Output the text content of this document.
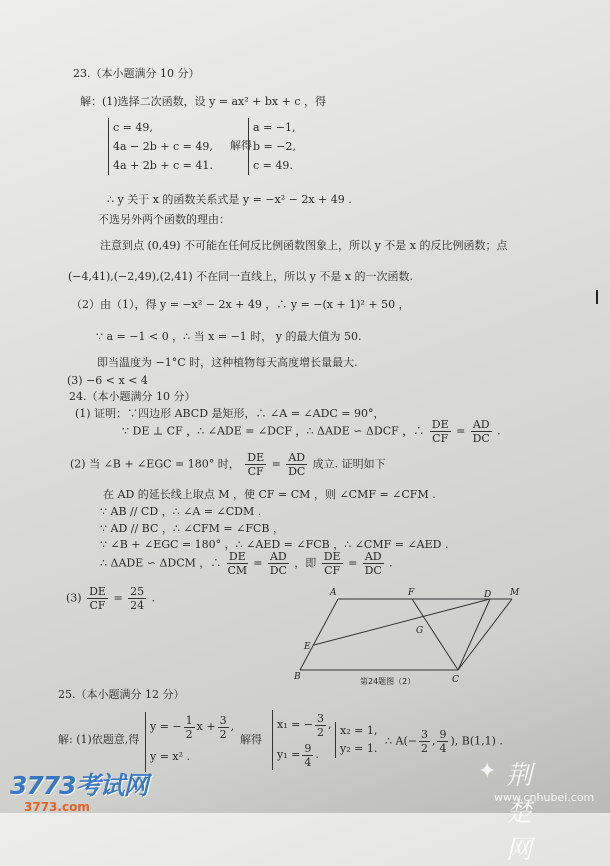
23.（本小题满分 10 分）
解：(1)选择二次函数，设 y = ax² + bx + c ，得
∴ y 关于 x 的函数关系式是 y = −x² − 2x + 49 .
不选另外两个函数的理由：
注意到点 (0,49) 不可能在任何反比例函数图象上，所以 y 不是 x 的反比例函数；点
(−4,41),(−2,49),(2,41) 不在同一直线上，所以 y 不是 x 的一次函数.
（2）由（1），得 y = −x² − 2x + 49 ，∴ y = −(x + 1)² + 50 ，
∵ a = −1 < 0 ，∴ 当 x = −1 时， y 的最大值为 50.
即当温度为 −1°C 时，这种植物每天高度增长量最大.
(3) −6 < x < 4
24.（本小题满分 10 分）
(1) 证明：∵四边形 ABCD 是矩形，∴ ∠A = ∠ADC = 90°，
在 AD 的延长线上取点 M ，使 CF = CM ，则 ∠CMF = ∠CFM .
∵ AB // CD ，∴ ∠A = ∠CDM .
∵ AD // BC ，∴ ∠CFM = ∠FCB ，
∵ ∠B + ∠EGC = 180° ，∴ ∠AED = ∠FCB ，∴ ∠CMF = ∠AED .
25.（本小题满分 12 分）
c = 49,
4a − 2b + c = 49,
4a + 2b + c = 41.
解得
a = −1,
b = −2,
c = 49.
∵ DE ⊥ CF ，∴ ∠ADE = ∠DCF ，∴ ΔADE ∽ ΔDCF ，∴ $\frac{DE}{CF} = \frac{AD}{DC}$ .
(2) 当 ∠B + ∠EGC = 180° 时， $\frac{DE}{CF} = \frac{AD}{DC}$ 成立. 证明如下
∴ ΔADE ∽ ΔDCM ，∴ $\frac{DE}{CM} = \frac{AD}{DC}$ ，即 $\frac{DE}{CF} = \frac{AD}{DC}$ .
$(3) \frac{DE}{CF} = \frac{25}{24}$ .	A	F	D M
G
E
B	C
第24题图（2）
解: (1)依题意,得
y = − $\frac{1}{2}$ $x + \frac{3}{2}$ ,
y = x² .
解得
x₁ = − $\frac{3}{2}$ ,
$y_1 = \frac{9}{4}$ .
x₂ = 1,
y₂ = 1.
∴ $A(- \frac{3}{2}$ , $\frac{9}{4}$ ), B(1,1) .
3773考试网
3773.com
✦ 荆楚网
www.cnhubei.com
